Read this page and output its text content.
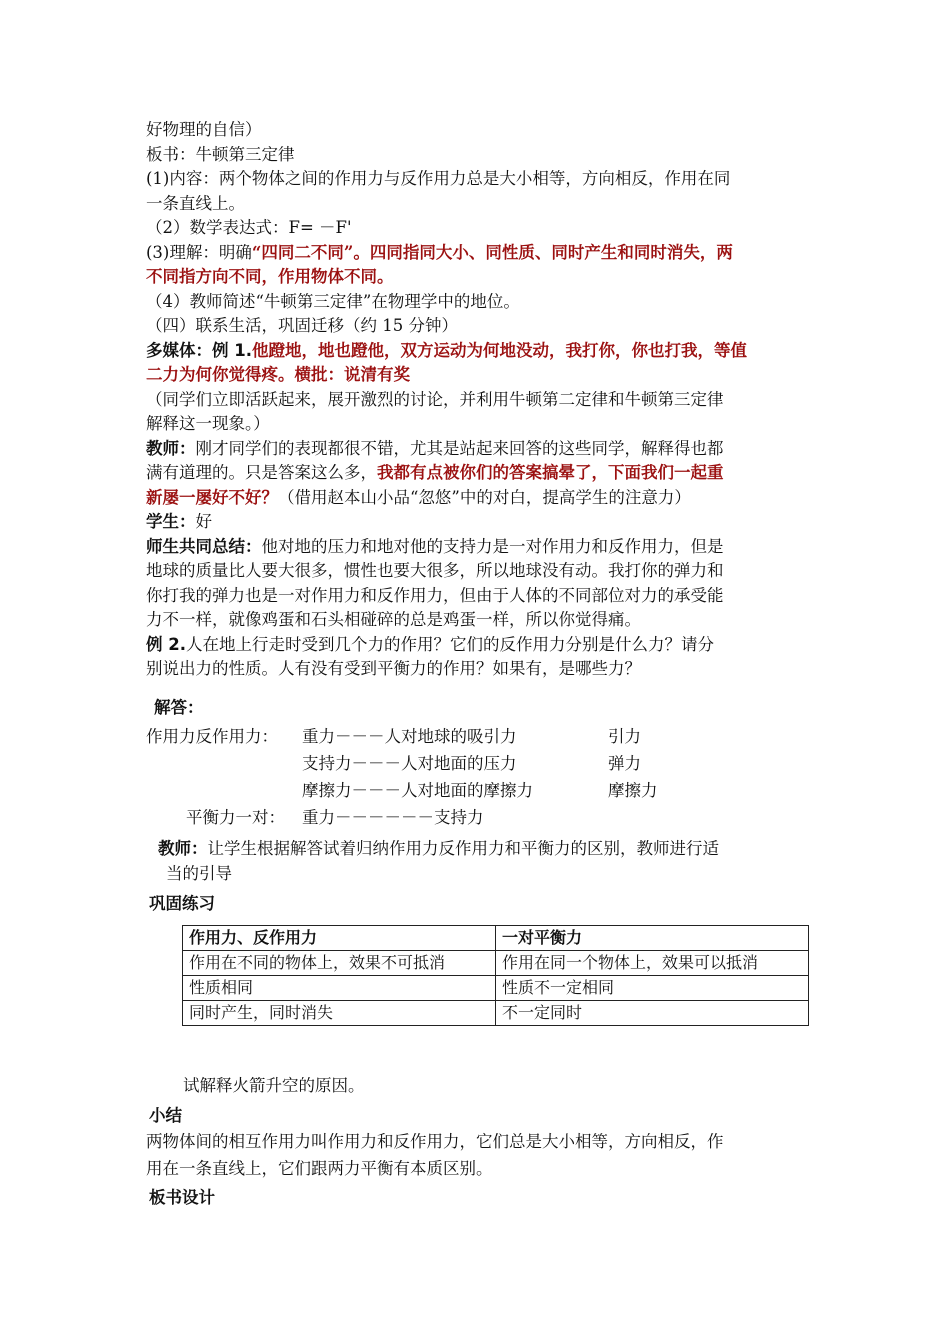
好物理的自信）
板书：牛顿第三定律
(1)内容：两个物体之间的作用力与反作用力总是大小相等，方向相反，作用在同
一条直线上。
（2）数学表达式：F= －F'
(3)理解：明确“四同二不同”。四同指同大小、同性质、同时产生和同时消失，两
不同指方向不同，作用物体不同。
（4）教师简述“牛顿第三定律”在物理学中的地位。
（四）联系生活，巩固迁移（约 15 分钟）
多媒体：例 1.他蹬地，地也蹬他，双方运动为何地没动，我打你，你也打我，等值
二力为何你觉得疼。横批：说清有奖
（同学们立即活跃起来，展开激烈的讨论，并利用牛顿第二定律和牛顿第三定律
解释这一现象。）
教师：刚才同学们的表现都很不错，尤其是站起来回答的这些同学，解释得也都
满有道理的。只是答案这么多，我都有点被你们的答案搞晕了，下面我们一起重
新屡一屡好不好？（借用赵本山小品“忽悠”中的对白，提高学生的注意力）
学生：好
师生共同总结：他对地的压力和地对他的支持力是一对作用力和反作用力，但是
地球的质量比人要大很多，惯性也要大很多，所以地球没有动。我打你的弹力和
你打我的弹力也是一对作用力和反作用力，但由于人体的不同部位对力的承受能
力不一样，就像鸡蛋和石头相碰碎的总是鸡蛋一样，所以你觉得痛。
例 2.人在地上行走时受到几个力的作用？它们的反作用力分别是什么力？请分
别说出力的性质。人有没有受到平衡力的作用？如果有，是哪些力？
解答：
作用力反作用力： 重力－－－人对地球的吸引力	引力
支持力－－－人对地面的压力	弹力
摩擦力－－－人对地面的摩擦力	摩擦力
平衡力一对： 重力－－－－－－支持力
教师：让学生根据解答试着归纳作用力反作用力和平衡力的区别，教师进行适
当的引导
巩固练习
作用力、反作用力	一对平衡力
作用在不同的物体上，效果不可抵消	作用在同一个物体上，效果可以抵消
性质相同	性质不一定相同
同时产生，同时消失	不一定同时
试解释火箭升空的原因。
小结
两物体间的相互作用力叫作用力和反作用力，它们总是大小相等，方向相反，作
用在一条直线上，它们跟两力平衡有本质区别。
板书设计
